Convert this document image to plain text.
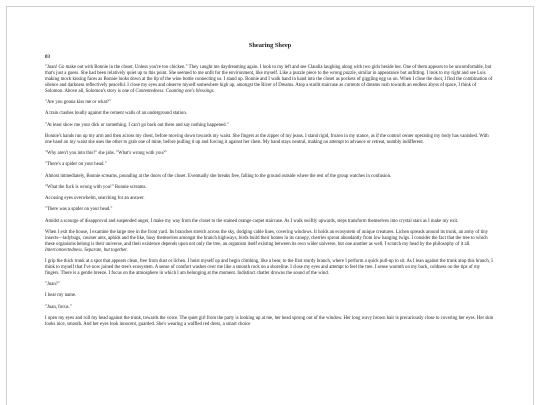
Shearing Sheep
03

"Juan! Go make out with Bonnie in the closet. Unless you're too chicken." They caught me daydreaming again. I look to my left and see Claudia laughing along with two girls beside her. One of them appears to be uncomfortable, but that's just a guess. She had been relatively quiet up to this point. She seemed to me unfit for the environment, like myself. Like a puzzle piece to the wrong puzzle, similar in appearance but unfitting. I look to my right and see Luis making mock kissing faces as Bonnie looks down at the lip of the wine bottle connecting us. I stand up. Bonnie and I walk hand in hand into the closet as pockets of giggling egg us on. When I close the door, I find the combination of silence and darkness reflectively peaceful. I close my eyes and observe myself somewhere high up, amongst the River of Dreams. Atop a starlit staircase as currents of dreams rush towards an endless abyss of space, I think of Solomon. Above all, Solomon's story is one of Contentedness. Counting one's blessings.

"Are you gonna kiss me or what?"

A train crashes loudly against the cement walls of an underground station.

"At least show me your dick or something. I can't go back out there and say nothing happened."

Bonnie's hands run up my arm and then across my chest, before moving down towards my waist. She fingers at the zipper of my jeans. I stand rigid, frozen in my stance, as if the control center operating my body has vanished. With one hand on my waist she uses the other to grab one of mine, before pulling it up and forcing it against her chest. My hand stays neutral, making no attempt to advance or retreat, numbly indifferent.

"Why aren't you into this?" she jabs. "What's wrong with you?"

"There's a spider on your head."

Almost immediately, Bonnie screams, pounding at the doors of the closet. Eventually she breaks free, falling to the ground outside where the rest of the group watches in confusion.

"What the fuck is wrong with you!" Bonnie screams.

Accusing eyes overwhelm, searching for an answer.

"There was a spider on your head."

Amidst a scourge of disapproval and suspended anger, I make my way from the closet to the stained orange carpet staircase. As I walk swiftly upwards, steps transform themselves into crystal stars as I make my exit.

When I exit the house, I examine the large tree in the front yard. Its branches stretch across the sky, dodging cable lines, covering windows. It holds an ecosystem of unique creatures. Lichen spreads around its trunk, an army of tiny insects—ladybugs, courser ants, aphids and the like, busy themselves amongst the branch highways, birds build their homes in its canopy, cherries sprout abundantly from low hanging twigs. I consider the fact that the tree to which these organisms belong is their universe, and their existence depends upon not only the tree, an organism itself existing between its own wider universe, but one another as well. I scratch my head by the philosophy of it all. Interconnectedness. Separate, but together.

I grip the thick trunk at a spot that appears clean, free from dust or lichen. I hoist myself up and begin climbing, like a bear, to the first sturdy branch, where I perform a quick pull-up to sit. As I lean against the trunk atop this branch, I think to myself that I've now joined the tree's ecosystem. A sense of comfort washes over me like a smooth rock on a shoreline. I close my eyes and attempt to feel the tree. I sense warmth on my back, coldness on the tips of my fingers. There is a gentle breeze. I focus on the atmosphere in which I am belonging at the moment. Indistinct chatter drowns the sound of the wind.

"Juan?"

I hear my name.

"Juan, focus."

I open my eyes and roll my head against the trunk, towards the voice. The quiet girl from the party is looking up at me, her head sprung out of the window. Her long wavy brown hair is precariously close to covering her eyes. Her skin looks nice, smooth. And her eyes look innocent, guarded. She's wearing a waffled red dress, a smart choice
